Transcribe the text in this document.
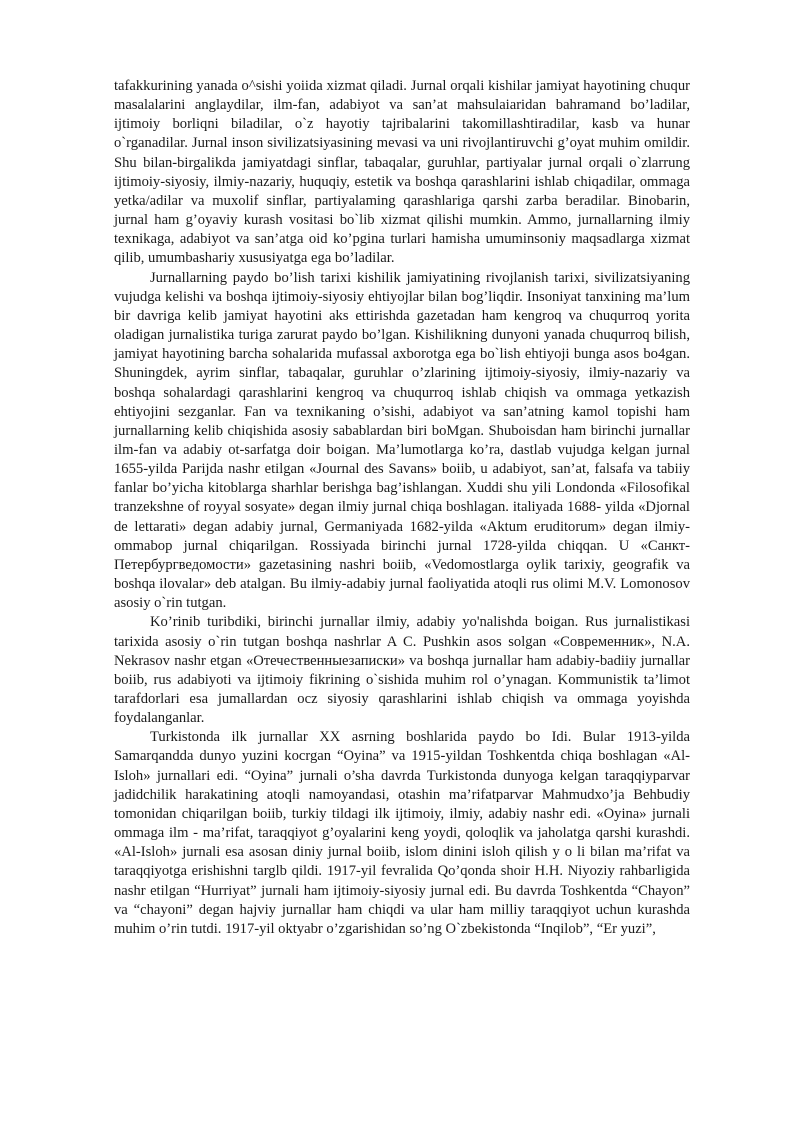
tafakkurining yanada o^sishi yoiida xizmat qiladi. Jurnal orqali kishilar jamiyat hayotining chuqur masalalarini anglaydilar, ilm-fan, adabiyot va san’at mahsulaiaridan bahramand bo’ladilar, ijtimoiy borliqni biladilar, o`z hayotiy tajribalarini takomillashtiradilar, kasb va hunar o`rganadilar. Jurnal inson sivilizatsiyasining mevasi va uni rivojlantiruvchi g’oyat muhim omildir. Shu bilan-birgalikda jamiyatdagi sinflar, tabaqalar, guruhlar, partiyalar jurnal orqali o`zlarrung ijtimoiy-siyosiy, ilmiy-nazariy, huquqiy, estetik va boshqa qarashlarini ishlab chiqadilar, ommaga yetka/adilar va muxolif sinflar, partiyalaming qarashlariga qarshi zarba beradilar. Binobarin, jurnal ham g’oyaviy kurash vositasi bo`lib xizmat qilishi mumkin. Ammo, jurnallarning ilmiy texnikaga, adabiyot va san’atga oid ko’pgina turlari hamisha umuminsoniy maqsadlarga xizmat qilib, umumbashariy xususiyatga ega bo’ladilar.

Jurnallarning paydo bo’lish tarixi kishilik jamiyatining rivojlanish tarixi, sivilizatsiyaning vujudga kelishi va boshqa ijtimoiy-siyosiy ehtiyojlar bilan bog’liqdir. Insoniyat tanxining ma’lum bir davriga kelib jamiyat hayotini aks ettirishda gazetadan ham kengroq va chuqurroq yorita oladigan jurnalistika turiga zarurat paydo bo’lgan. Kishilikning dunyoni yanada chuqurroq bilish, jamiyat hayotining barcha sohalarida mufassal axborotga ega bo`lish ehtiyoji bunga asos bo4gan. Shuningdek, ayrim sinflar, tabaqalar, guruhlar o’zlarining ijtimoiy-siyosiy, ilmiy-nazariy va boshqa sohalardagi qarashlarini kengroq va chuqurroq ishlab chiqish va ommaga yetkazish ehtiyojini sezganlar. Fan va texnikaning o’sishi, adabiyot va san’atning kamol topishi ham jurnallarning kelib chiqishida asosiy sabablardan biri boMgan. Shuboisdan ham birinchi jurnallar ilm-fan va adabiy ot-sarfatga doir boigan. Ma’lumotlarga ko’ra, dastlab vujudga kelgan jurnal 1655-yilda Parijda nashr etilgan «Journal des Savans» boiib, u adabiyot, san’at, falsafa va tabiiy fanlar bo’yicha kitoblarga sharhlar berishga bag’ishlangan. Xuddi shu yili Londonda «Filosofikal tranzekshne of royyal sosyate» degan ilmiy jurnal chiqa boshlagan. italiyada 1688- yilda «Djornal de lettarati» degan adabiy jurnal, Germaniyada 1682-yilda «Aktum eruditorum» degan ilmiy-ommabop jurnal chiqarilgan. Rossiyada birinchi jurnal 1728-yilda chiqqan. U «Санкт-Петербургведомости» gazetasining nashri boiib, «Vedomostlarga oylik tarixiy, geografik va boshqa ilovalar» deb atalgan. Bu ilmiy-adabiy jurnal faoliyatida atoqli rus olimi M.V. Lomonosov asosiy o`rin tutgan.

Ko’rinib turibdiki, birinchi jurnallar ilmiy, adabiy yo'nalishda boigan. Rus jurnalistikasi tarixida asosiy o`rin tutgan boshqa nashrlar A C. Pushkin asos solgan «Современник», N.A. Nekrasov nashr etgan «Отечественныезаписки» va boshqa jurnallar ham adabiy-badiiy jurnallar boiib, rus adabiyoti va ijtimoiy fikrining o`sishida muhim rol o’ynagan. Kommunistik ta’limot tarafdorlari esa jumallardan ocz siyosiy qarashlarini ishlab chiqish va ommaga yoyishda foydalanganlar.

Turkistonda ilk jurnallar XX asrning boshlarida paydo bo Idi. Bular 1913-yilda Samarqandda dunyo yuzini kocrgan “Oyina” va 1915-yildan Toshkentda chiqa boshlagan «Al-Isloh» jurnallari edi. “Oyina” jurnali o’sha davrda Turkistonda dunyoga kelgan taraqqiyparvar jadidchilik harakatining atoqli namoyandasi, otashin ma’rifatparvar Mahmudxo’ja Behbudiy tomonidan chiqarilgan boiib, turkiy tildagi ilk ijtimoiy, ilmiy, adabiy nashr edi. «Oyina» jurnali ommaga ilm - ma’rifat, taraqqiyot g’oyalarini keng yoydi, qoloqlik va jaholatga qarshi kurashdi. «Al-Isloh» jurnali esa asosan diniy jurnal boiib, islom dinini isloh qilish y o li bilan ma’rifat va taraqqiyotga erishishni targlb qildi. 1917-yil fevralida Qo’qonda shoir H.H. Niyoziy rahbarligida nashr etilgan “Hurriyat” jurnali ham ijtimoiy-siyosiy jurnal edi. Bu davrda Toshkentda “Chayon” va “chayoni” degan hajviy jurnallar ham chiqdi va ular ham milliy taraqqiyot uchun kurashda muhim o’rin tutdi. 1917-yil oktyabr o’zgarishidan so’ng O`zbekistonda “Inqilob”, “Er yuzi”,
